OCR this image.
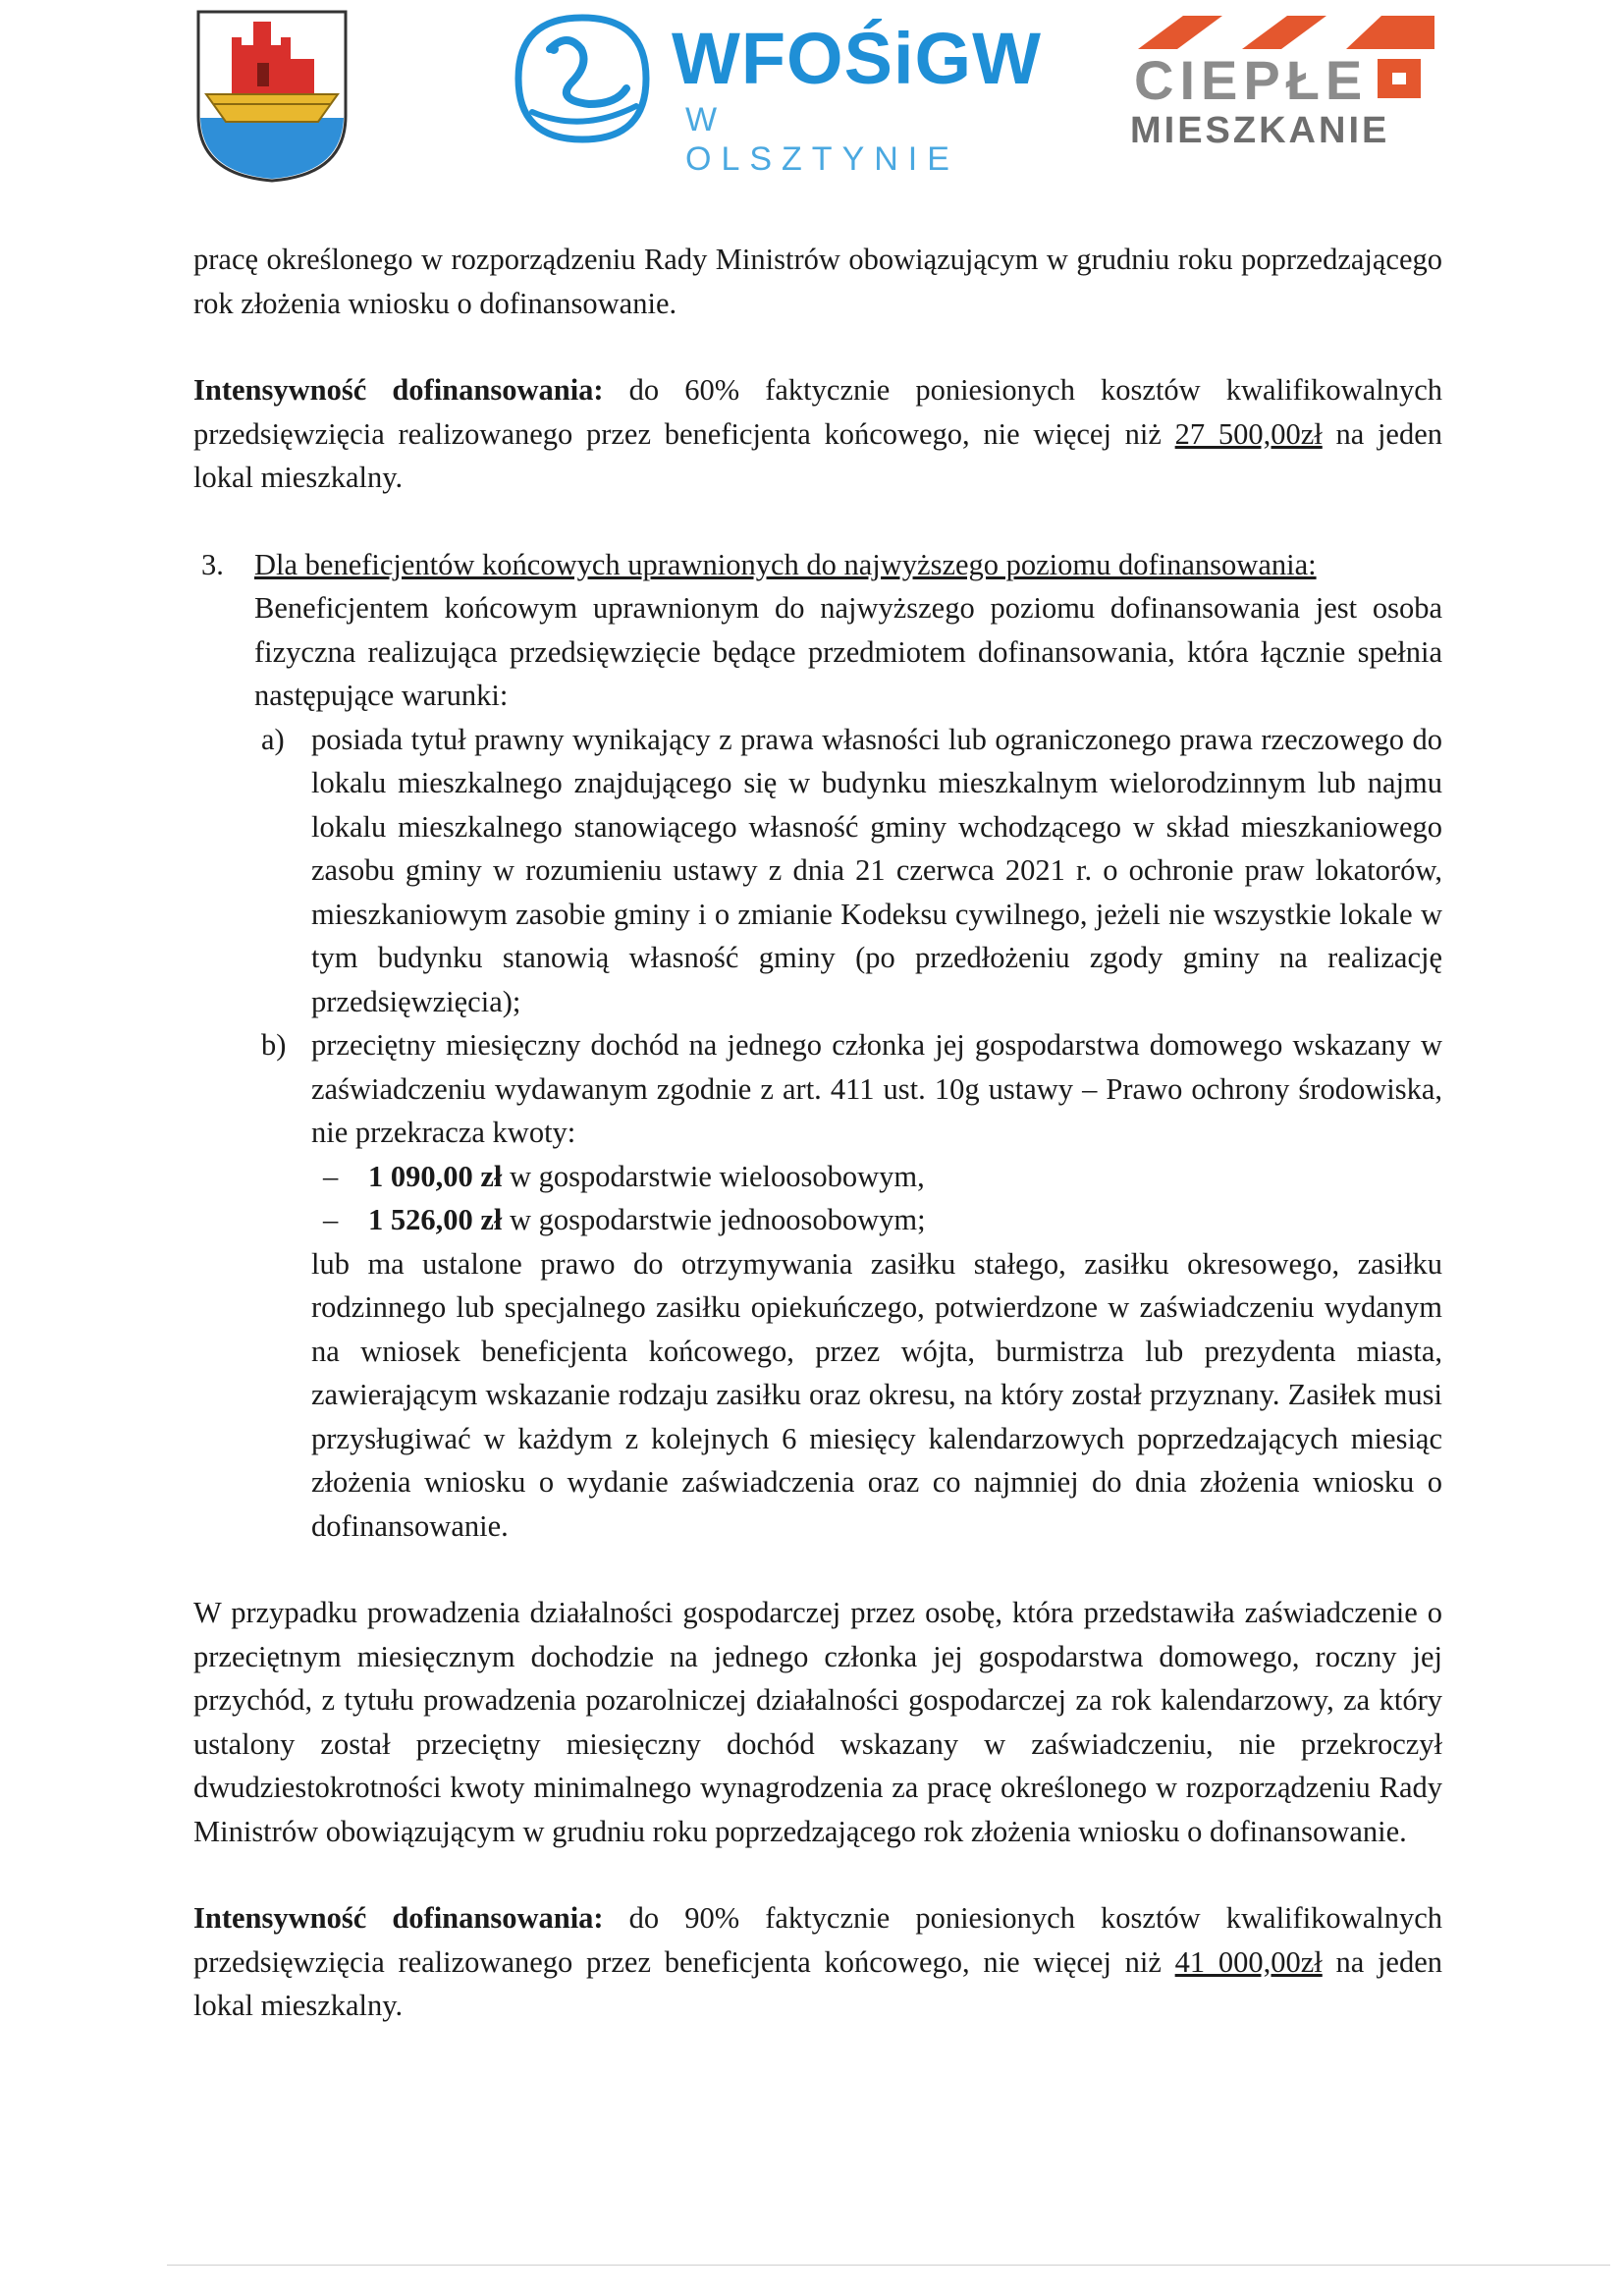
WFOŚiGW
W OLSZTYNIE
CIEPŁE
MIESZKANIE

pracę określonego w rozporządzeniu Rady Ministrów obowiązującym w grudniu roku poprzedzającego rok złożenia wniosku o dofinansowanie.

Intensywność dofinansowania: do 60% faktycznie poniesionych kosztów kwalifikowalnych przedsięwzięcia realizowanego przez beneficjenta końcowego, nie więcej niż 27 500,00zł na jeden lokal mieszkalny.

3. Dla beneficjentów końcowych uprawnionych do najwyższego poziomu dofinansowania:

Beneficjentem końcowym uprawnionym do najwyższego poziomu dofinansowania jest osoba fizyczna realizująca przedsięwzięcie będące przedmiotem dofinansowania, która łącznie spełnia następujące warunki:

a) posiada tytuł prawny wynikający z prawa własności lub ograniczonego prawa rzeczowego do lokalu mieszkalnego znajdującego się w budynku mieszkalnym wielorodzinnym lub najmu lokalu mieszkalnego stanowiącego własność gminy wchodzącego w skład mieszkaniowego zasobu gminy w rozumieniu ustawy z dnia 21 czerwca 2021 r. o ochronie praw lokatorów, mieszkaniowym zasobie gminy i o zmianie Kodeksu cywilnego, jeżeli nie wszystkie lokale w tym budynku stanowią własność gminy (po przedłożeniu zgody gminy na realizację przedsięwzięcia);

b) przeciętny miesięczny dochód na jednego członka jej gospodarstwa domowego wskazany w zaświadczeniu wydawanym zgodnie z art. 411 ust. 10g ustawy – Prawo ochrony środowiska, nie przekracza kwoty:

– 1 090,00 zł w gospodarstwie wieloosobowym,
– 1 526,00 zł w gospodarstwie jednoosobowym;

lub ma ustalone prawo do otrzymywania zasiłku stałego, zasiłku okresowego, zasiłku rodzinnego lub specjalnego zasiłku opiekuńczego, potwierdzone w zaświadczeniu wydanym na wniosek beneficjenta końcowego, przez wójta, burmistrza lub prezydenta miasta, zawierającym wskazanie rodzaju zasiłku oraz okresu, na który został przyznany. Zasiłek musi przysługiwać w każdym z kolejnych 6 miesięcy kalendarzowych poprzedzających miesiąc złożenia wniosku o wydanie zaświadczenia oraz co najmniej do dnia złożenia wniosku o dofinansowanie.

W przypadku prowadzenia działalności gospodarczej przez osobę, która przedstawiła zaświadczenie o przeciętnym miesięcznym dochodzie na jednego członka jej gospodarstwa domowego, roczny jej przychód, z tytułu prowadzenia pozarolniczej działalności gospodarczej za rok kalendarzowy, za który ustalony został przeciętny miesięczny dochód wskazany w zaświadczeniu, nie przekroczył dwudziestokrotności kwoty minimalnego wynagrodzenia za pracę określonego w rozporządzeniu Rady Ministrów obowiązującym w grudniu roku poprzedzającego rok złożenia wniosku o dofinansowanie.

Intensywność dofinansowania: do 90% faktycznie poniesionych kosztów kwalifikowalnych przedsięwzięcia realizowanego przez beneficjenta końcowego, nie więcej niż 41 000,00zł na jeden lokal mieszkalny.
